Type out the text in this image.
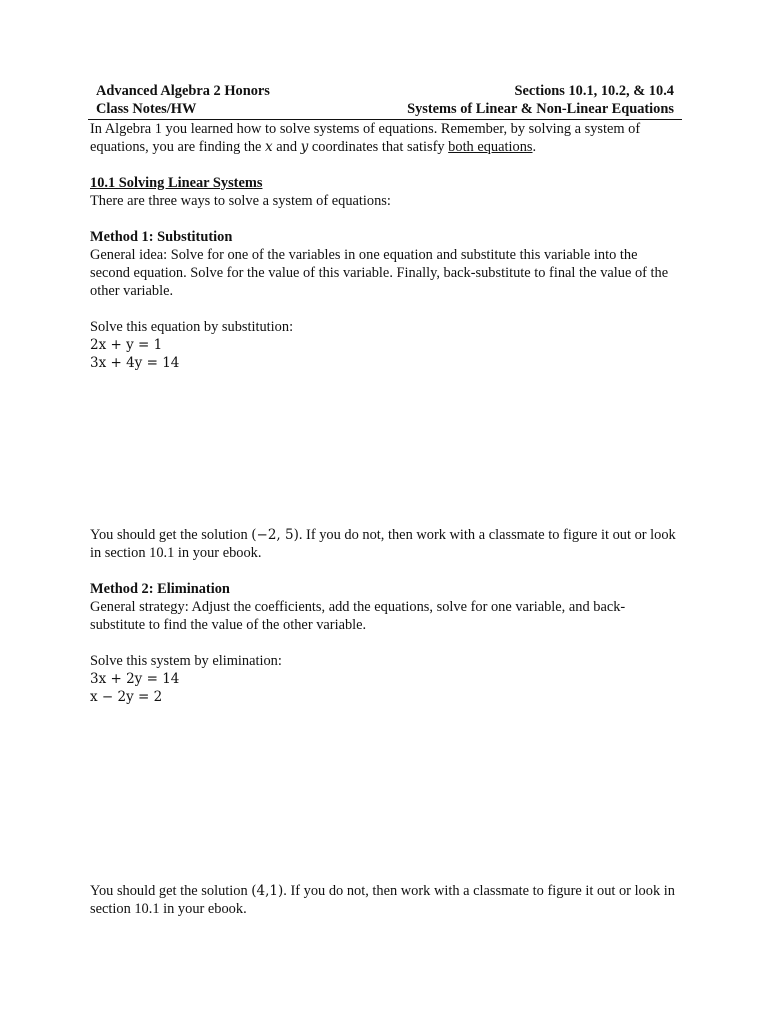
Advanced Algebra 2 Honors	Sections 10.1, 10.2, & 10.4
Class Notes/HW	Systems of Linear & Non-Linear Equations

In Algebra 1 you learned how to solve systems of equations. Remember, by solving a system of equations, you are finding the x and y coordinates that satisfy both equations.

10.1 Solving Linear Systems

There are three ways to solve a system of equations:

Method 1: Substitution

General idea: Solve for one of the variables in one equation and substitute this variable into the second equation. Solve for the value of this variable. Finally, back-substitute to final the value of the other variable.

Solve this equation by substitution:

2x + y = 1

3x + 4y = 14

You should get the solution (−2, 5). If you do not, then work with a classmate to figure it out or look in section 10.1 in your ebook.

Method 2: Elimination

General strategy: Adjust the coefficients, add the equations, solve for one variable, and back-substitute to find the value of the other variable.

Solve this system by elimination:

3x + 2y = 14

x − 2y = 2

You should get the solution (4,1). If you do not, then work with a classmate to figure it out or look in section 10.1 in your ebook.
